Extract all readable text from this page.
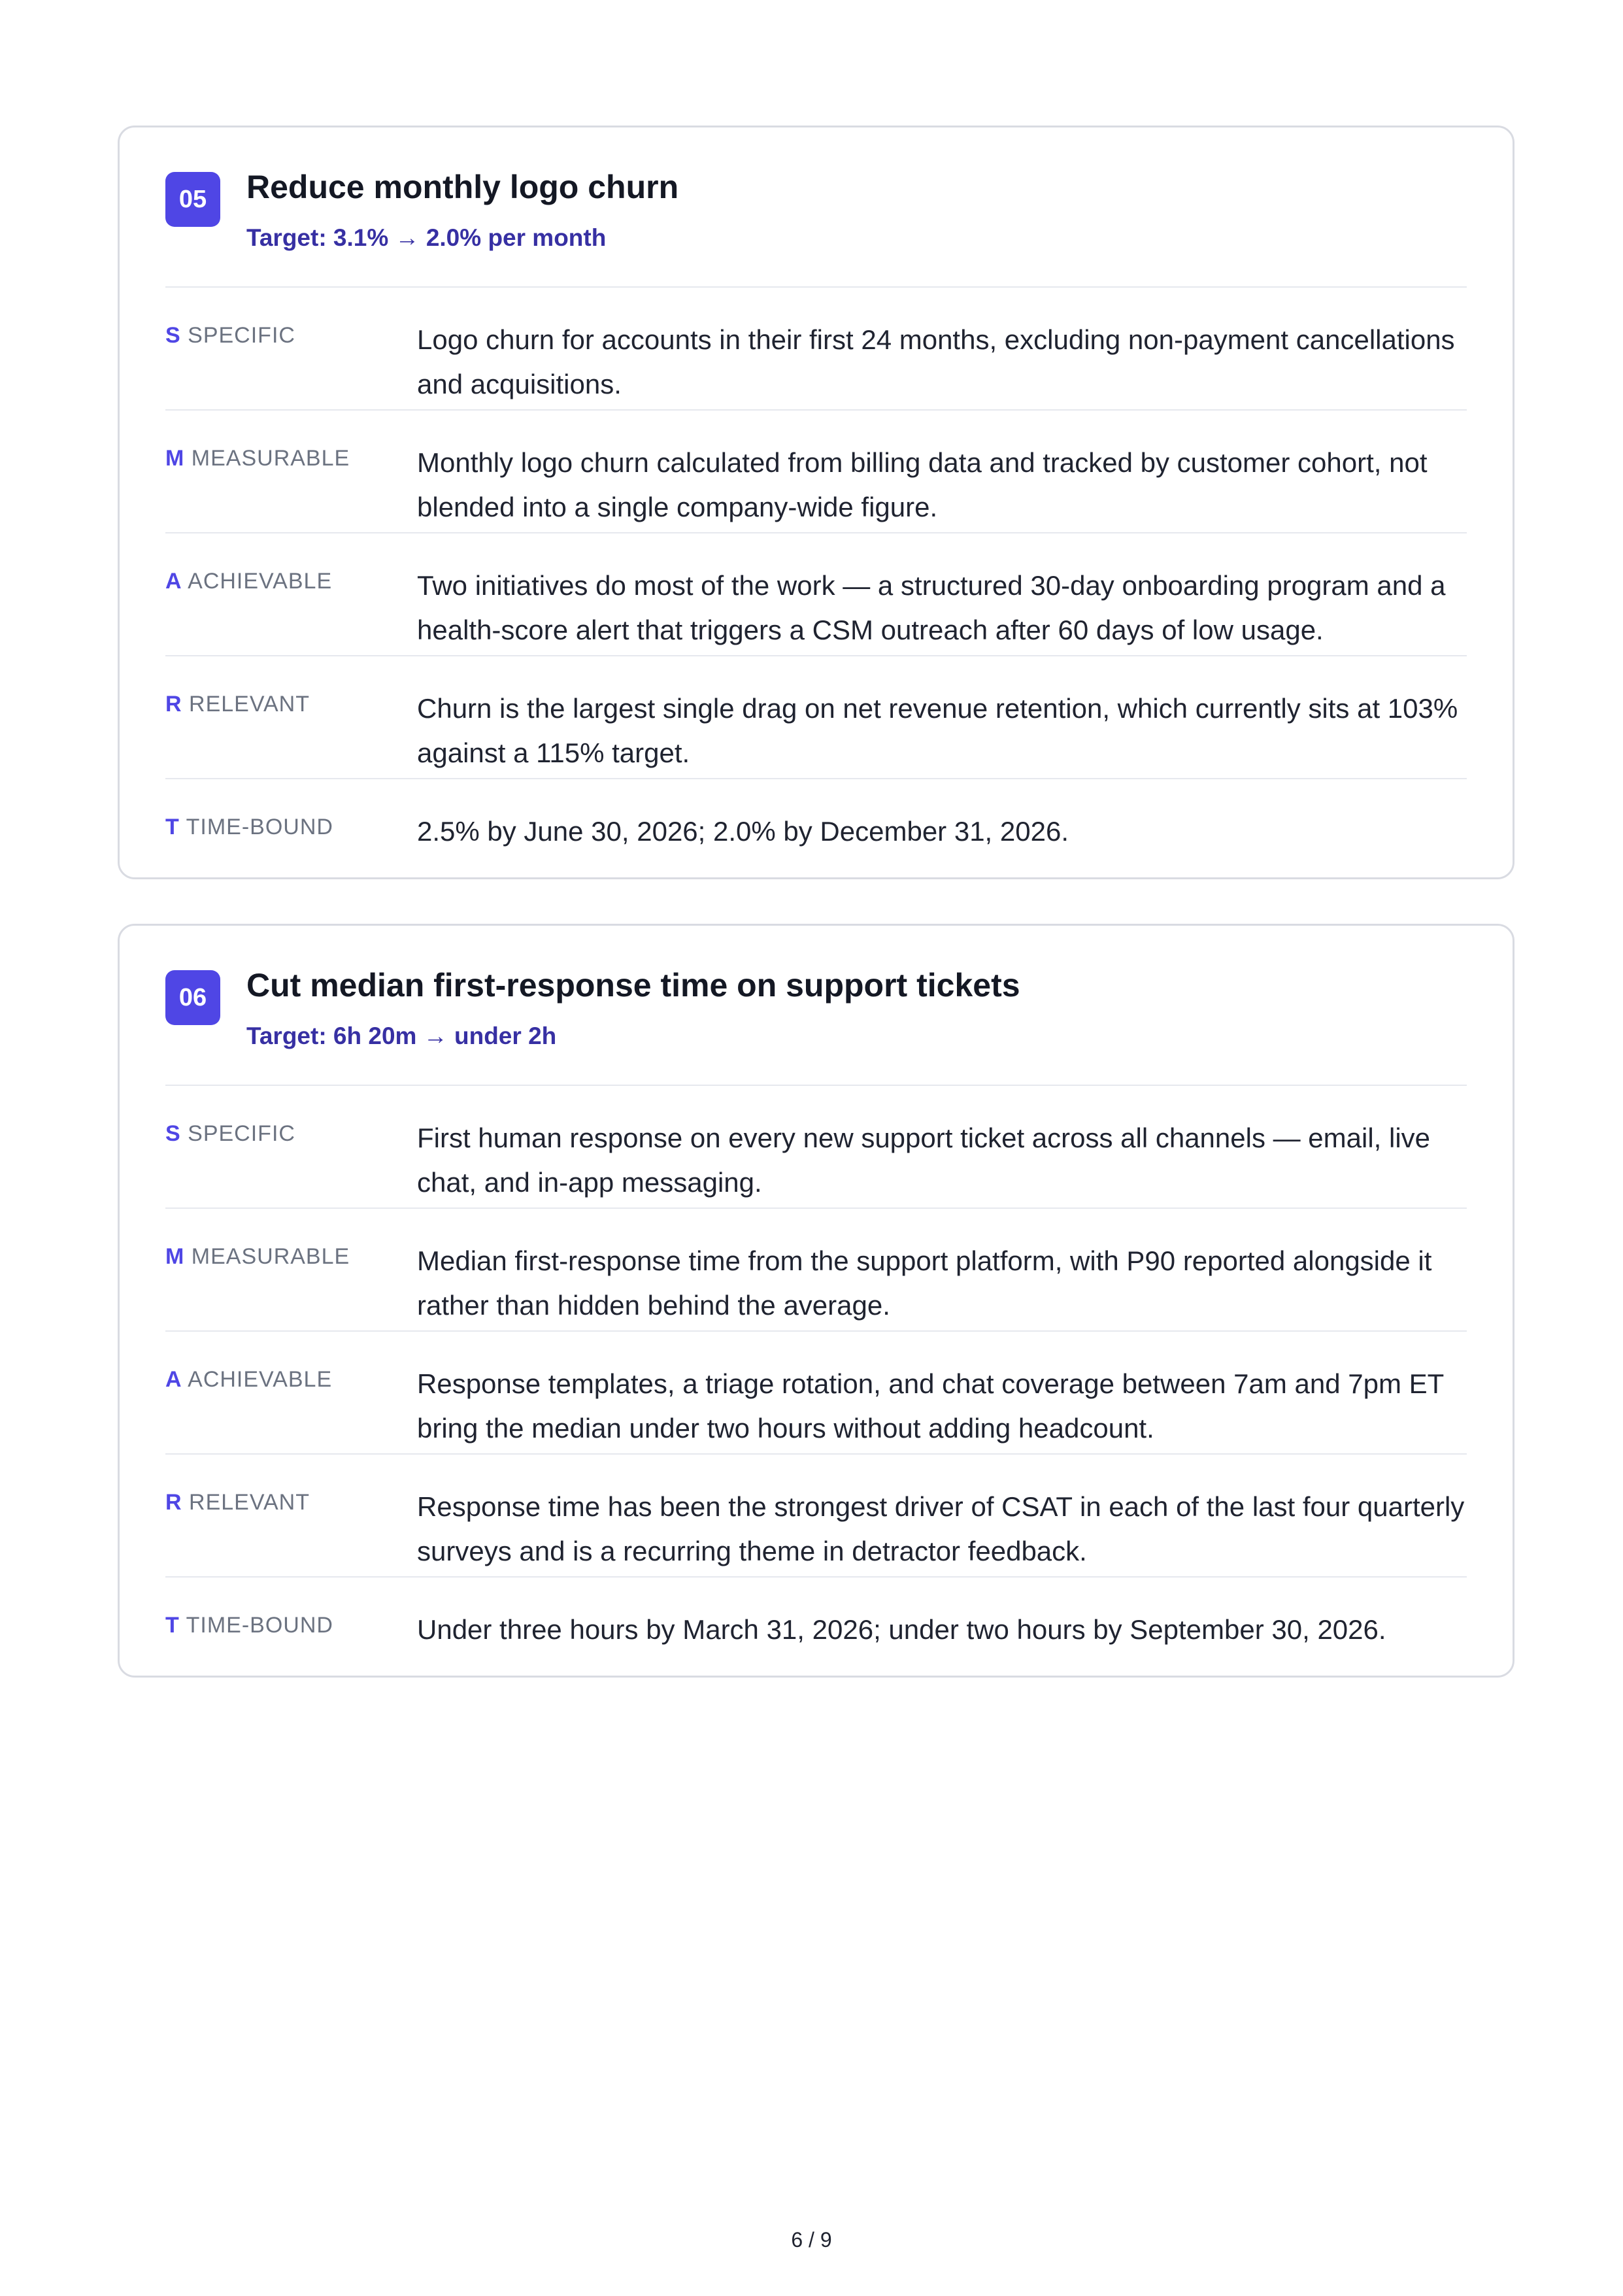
05	Reduce monthly logo churn
Target: 3.1% → 2.0% per month
S SPECIFIC	Logo churn for accounts in their first 24 months, excluding non-payment cancellations and acquisitions.
M MEASURABLE Monthly logo churn calculated from billing data and tracked by customer cohort, not blended into a single company-wide figure.
A ACHIEVABLE	Two initiatives do most of the work — a structured 30-day onboarding program and a health-score alert that triggers a CSM outreach after 60 days of low usage.
R RELEVANT	Churn is the largest single drag on net revenue retention, which currently sits at 103% against a 115% target.
T TIME-BOUND	2.5% by June 30, 2026; 2.0% by December 31, 2026.
06	Cut median first-response time on support tickets
Target: 6h 20m → under 2h
S SPECIFIC	First human response on every new support ticket across all channels — email, live chat, and in-app messaging.
M MEASURABLE Median first-response time from the support platform, with P90 reported alongside it rather than hidden behind the average.
A ACHIEVABLE	Response templates, a triage rotation, and chat coverage between 7am and 7pm ET bring the median under two hours without adding headcount.
R RELEVANT	Response time has been the strongest driver of CSAT in each of the last four quarterly surveys and is a recurring theme in detractor feedback.
T TIME-BOUND	Under three hours by March 31, 2026; under two hours by September 30, 2026.
6 / 9
